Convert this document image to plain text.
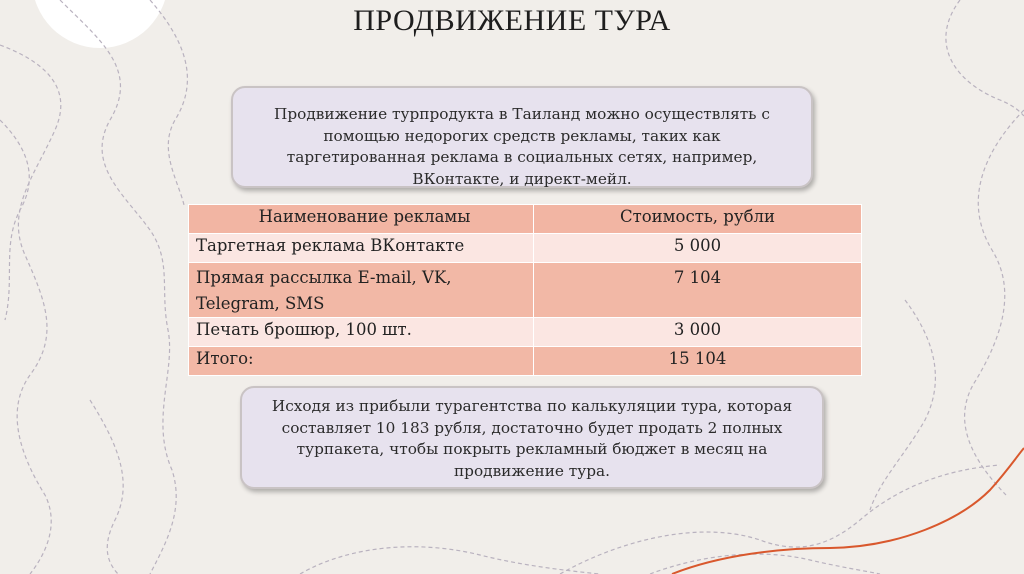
ПРОДВИЖЕНИЕ ТУРА
Продвижение турпродукта в Таиланд можно осуществлять с помощью недорогих средств рекламы, таких как таргетированная реклама в социальных сетях, например, ВКонтакте, и директ-мейл.
Наименование рекламы	Стоимость, рубли
Таргетная реклама ВКонтакте	5 000
Прямая рассылка E-mail, VK, Telegram, SMS	7 104
Печать брошюр, 100 шт.	3 000
Итого:	15 104
Исходя из прибыли турагентства по калькуляции тура, которая составляет 10 183 рубля, достаточно будет продать 2 полных турпакета, чтобы покрыть рекламный бюджет в месяц на продвижение тура.
